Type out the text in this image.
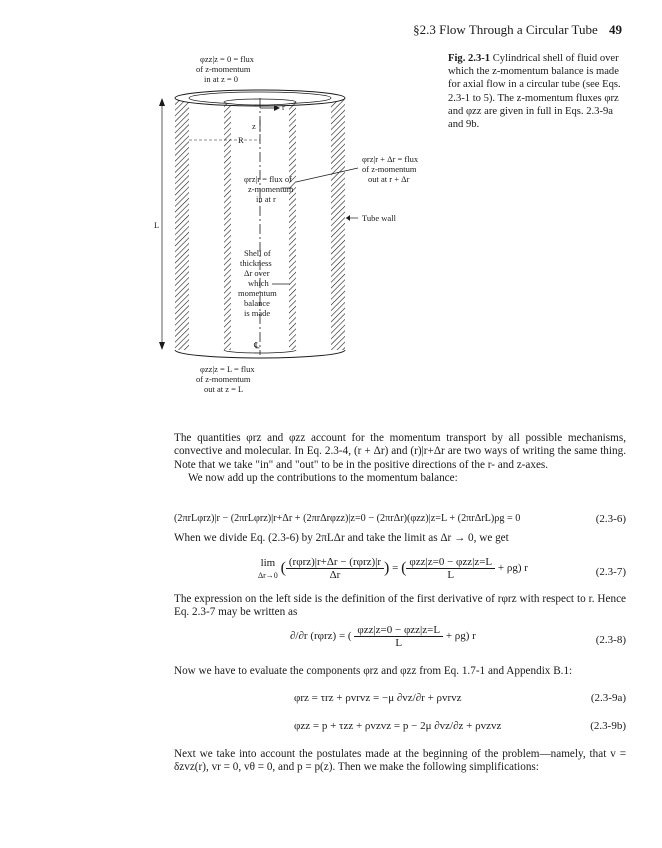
§2.3 Flow Through a Circular Tube 49
Fig. 2.3-1 Cylindrical shell of fluid over which the z-momentum balance is made for axial flow in a circular tube (see Eqs. 2.3-1 to 5). The z-momentum fluxes φrz and φzz are given in full in Eqs. 2.3-9a and 9b.
z
r
R
L
φzz|z = 0 = flux
of z-momentum
in at z = 0
φrz|r = flux of
z-momentum
in at r
φrz|r + Δr = flux
of z-momentum
out at r + Δr
Tube wall
Shell of
thickness
Δr over
which
momentum
balance
is made
℄
φzz|z = L = flux
of z-momentum
out at z = L

The quantities φrz and φzz account for the momentum transport by all possible mechanisms, convective and molecular. In Eq. 2.3-4, (r + Δr) and (r)|r+Δr are two ways of writing the same thing. Note that we take "in" and "out" to be in the positive directions of the r- and z-axes.

We now add up the contributions to the momentum balance:

(2πrLφrz)|r − (2πrLφrz)|r+Δr + (2πrΔrφzz)|z=0 − (2πrΔr)(φzz)|z=L + (2πrΔrL)ρg = 0	(2.3-6)
When we divide Eq. (2.3-6) by 2πLΔr and take the limit as Δr → 0, we get
lim
Δr→0 ( $\frac{\text{(rφrz)|r+Δr − (rφrz)|r}}{\Delta r}$ ) = ( $\frac{\text{φzz|z=0 − φzz|z=L}}{L} + \rho g$) r	(2.3-7)
The expression on the left side is the definition of the first derivative of rφrz with respect to r. Hence Eq. 2.3-7 may be written as
∂/∂r (rφrz) = ( $\frac{\text{φzz|z=0 − φzz|z=L}}{L} + \rho g$) r	(2.3-8)
Now we have to evaluate the components φrz and φzz from Eq. 1.7-1 and Appendix B.1:
φrz = τrz + ρvrvz = −μ ∂vz/∂r + ρvrvz	(2.3-9a)
φzz = p + τzz + ρvzvz = p − 2μ ∂vz/∂z + ρvzvz	(2.3-9b)
Next we take into account the postulates made at the beginning of the problem—namely, that v = δzvz(r), vr = 0, vθ = 0, and p = p(z). Then we make the following simplifications:
